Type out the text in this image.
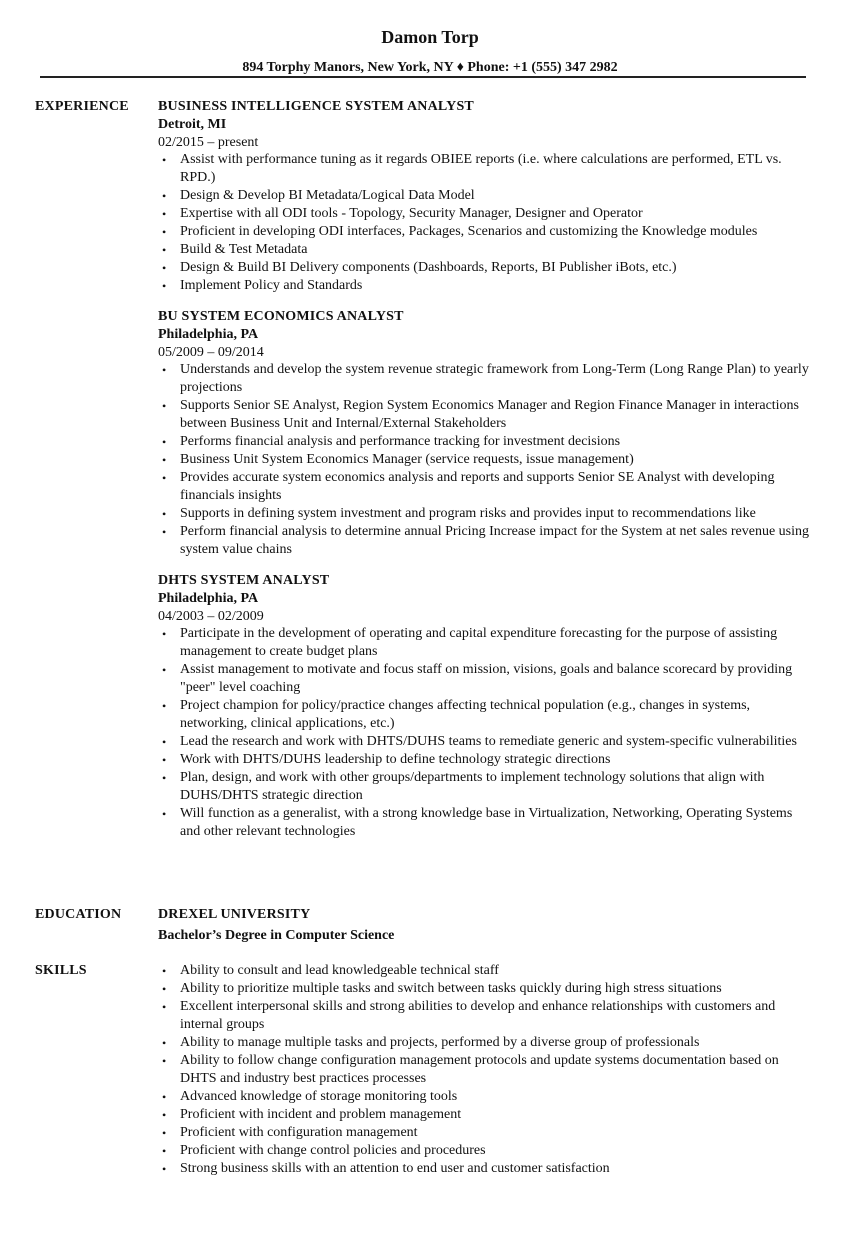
Damon Torp
894 Torphy Manors, New York, NY ♦ Phone: +1 (555) 347 2982
EXPERIENCE BUSINESS INTELLIGENCE SYSTEM ANALYST
Detroit, MI
02/2015 – present
• Assist with performance tuning as it regards OBIEE reports (i.e. where calculations are performed, ETL vs. RPD.)
• Design & Develop BI Metadata/Logical Data Model
• Expertise with all ODI tools - Topology, Security Manager, Designer and Operator
• Proficient in developing ODI interfaces, Packages, Scenarios and customizing the Knowledge modules
• Build & Test Metadata
• Design & Build BI Delivery components (Dashboards, Reports, BI Publisher iBots, etc.)
• Implement Policy and Standards
BU SYSTEM ECONOMICS ANALYST
Philadelphia, PA
05/2009 – 09/2014
• Understands and develop the system revenue strategic framework from Long-Term (Long Range Plan) to yearly projections
• Supports Senior SE Analyst, Region System Economics Manager and Region Finance Manager in interactions between Business Unit and Internal/External Stakeholders
• Performs financial analysis and performance tracking for investment decisions
• Business Unit System Economics Manager (service requests, issue management)
• Provides accurate system economics analysis and reports and supports Senior SE Analyst with developing financials insights
• Supports in defining system investment and program risks and provides input to recommendations like
• Perform financial analysis to determine annual Pricing Increase impact for the System at net sales revenue using system value chains
DHTS SYSTEM ANALYST
Philadelphia, PA
04/2003 – 02/2009
• Participate in the development of operating and capital expenditure forecasting for the purpose of assisting management to create budget plans
• Assist management to motivate and focus staff on mission, visions, goals and balance scorecard by providing "peer" level coaching
• Project champion for policy/practice changes affecting technical population (e.g., changes in systems, networking, clinical applications, etc.)
• Lead the research and work with DHTS/DUHS teams to remediate generic and system-specific vulnerabilities
• Work with DHTS/DUHS leadership to define technology strategic directions
• Plan, design, and work with other groups/departments to implement technology solutions that align with DUHS/DHTS strategic direction
• Will function as a generalist, with a strong knowledge base in Virtualization, Networking, Operating Systems and other relevant technologies
EDUCATION	DREXEL UNIVERSITY
Bachelor’s Degree in Computer Science
SKILLS	• Ability to consult and lead knowledgeable technical staff
• Ability to prioritize multiple tasks and switch between tasks quickly during high stress situations
• Excellent interpersonal skills and strong abilities to develop and enhance relationships with customers and internal groups
• Ability to manage multiple tasks and projects, performed by a diverse group of professionals
• Ability to follow change configuration management protocols and update systems documentation based on DHTS and industry best practices processes
• Advanced knowledge of storage monitoring tools
• Proficient with incident and problem management
• Proficient with configuration management
• Proficient with change control policies and procedures
• Strong business skills with an attention to end user and customer satisfaction
